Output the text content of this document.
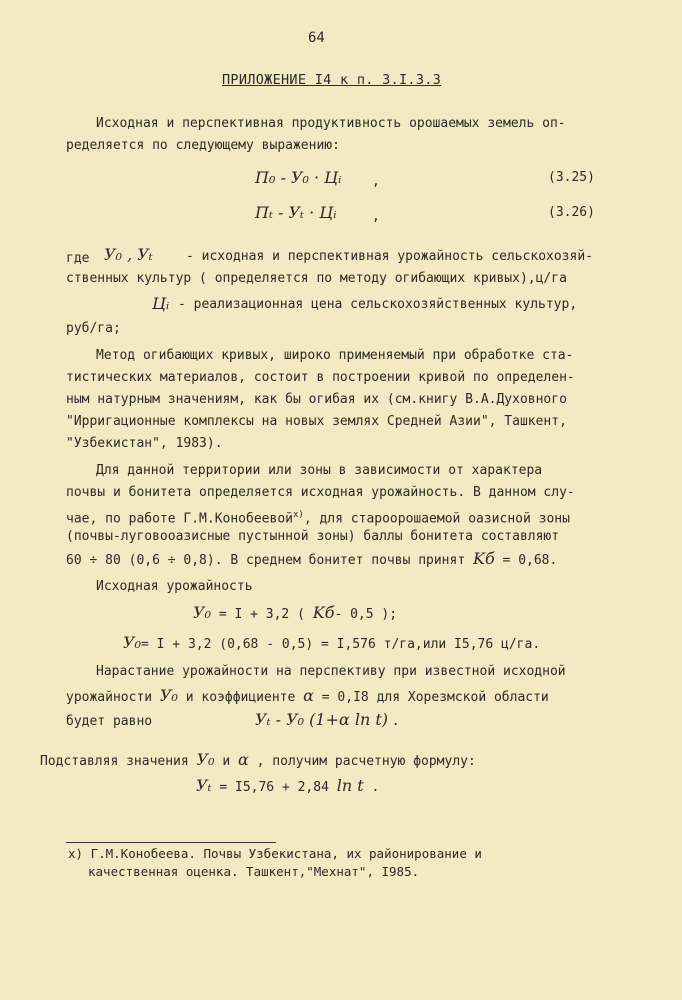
64
ПРИЛОЖЕНИЕ I4 к п. 3.I.3.3
Исходная и перспективная продуктивность орошаемых земель оп-
ределяется по следующему выражению:
П₀ - У₀ · Цᵢ ,	(3.25)
Пₜ - Уₜ · Цᵢ	,	(3.26)
где У₀ , Уₜ	- исходная и перспективная урожайность сельскохозяй-
ственных культур ( определяется по методу огибающих кривых),ц/га
Цᵢ - реализационная цена сельскохозяйственных культур,
руб/га;
Метод огибающих кривых, широко применяемый при обработке ста-
тистических материалов, состоит в построении кривой по определен-
ным натурным значениям, как бы огибая их (см.книгу В.А.Духовного
"Ирригационные комплексы на новых землях Средней Азии", Ташкент,
"Узбекистан", 1983).
Для данной территории или зоны в зависимости от характера
почвы и бонитета определяется исходная урожайность. В данном слу-
чае, по работе Г.М.Конобеевой$^{x)}$, для староорошаемой оазисной зоны
(почвы-луговооазисные пустынной зоны) баллы бонитета составляют
60 ÷ 80 (0,6 ÷ 0,8). В среднем бонитет почвы принят Kб = 0,68.
Исходная урожайность
У₀ = I + 3,2 ( Kб- 0,5 );
У₀= I + 3,2 (0,68 - 0,5) = I,576 т/га,или I5,76 ц/га.
Нарастание урожайности на перспективу при известной исходной
урожайности У₀ и коэффициенте α = 0,I8 для Хорезмской области
будет равно	Уₜ - У₀ (1+α ln t) .
Подставляя значения У₀ и α , получим расчетную формулу:
Уₜ = I5,76 + 2,84 ln t .
x) Г.М.Конобеева. Почвы Узбекистана, их районирование и
качественная оценка. Ташкент,"Мехнат", I985.
